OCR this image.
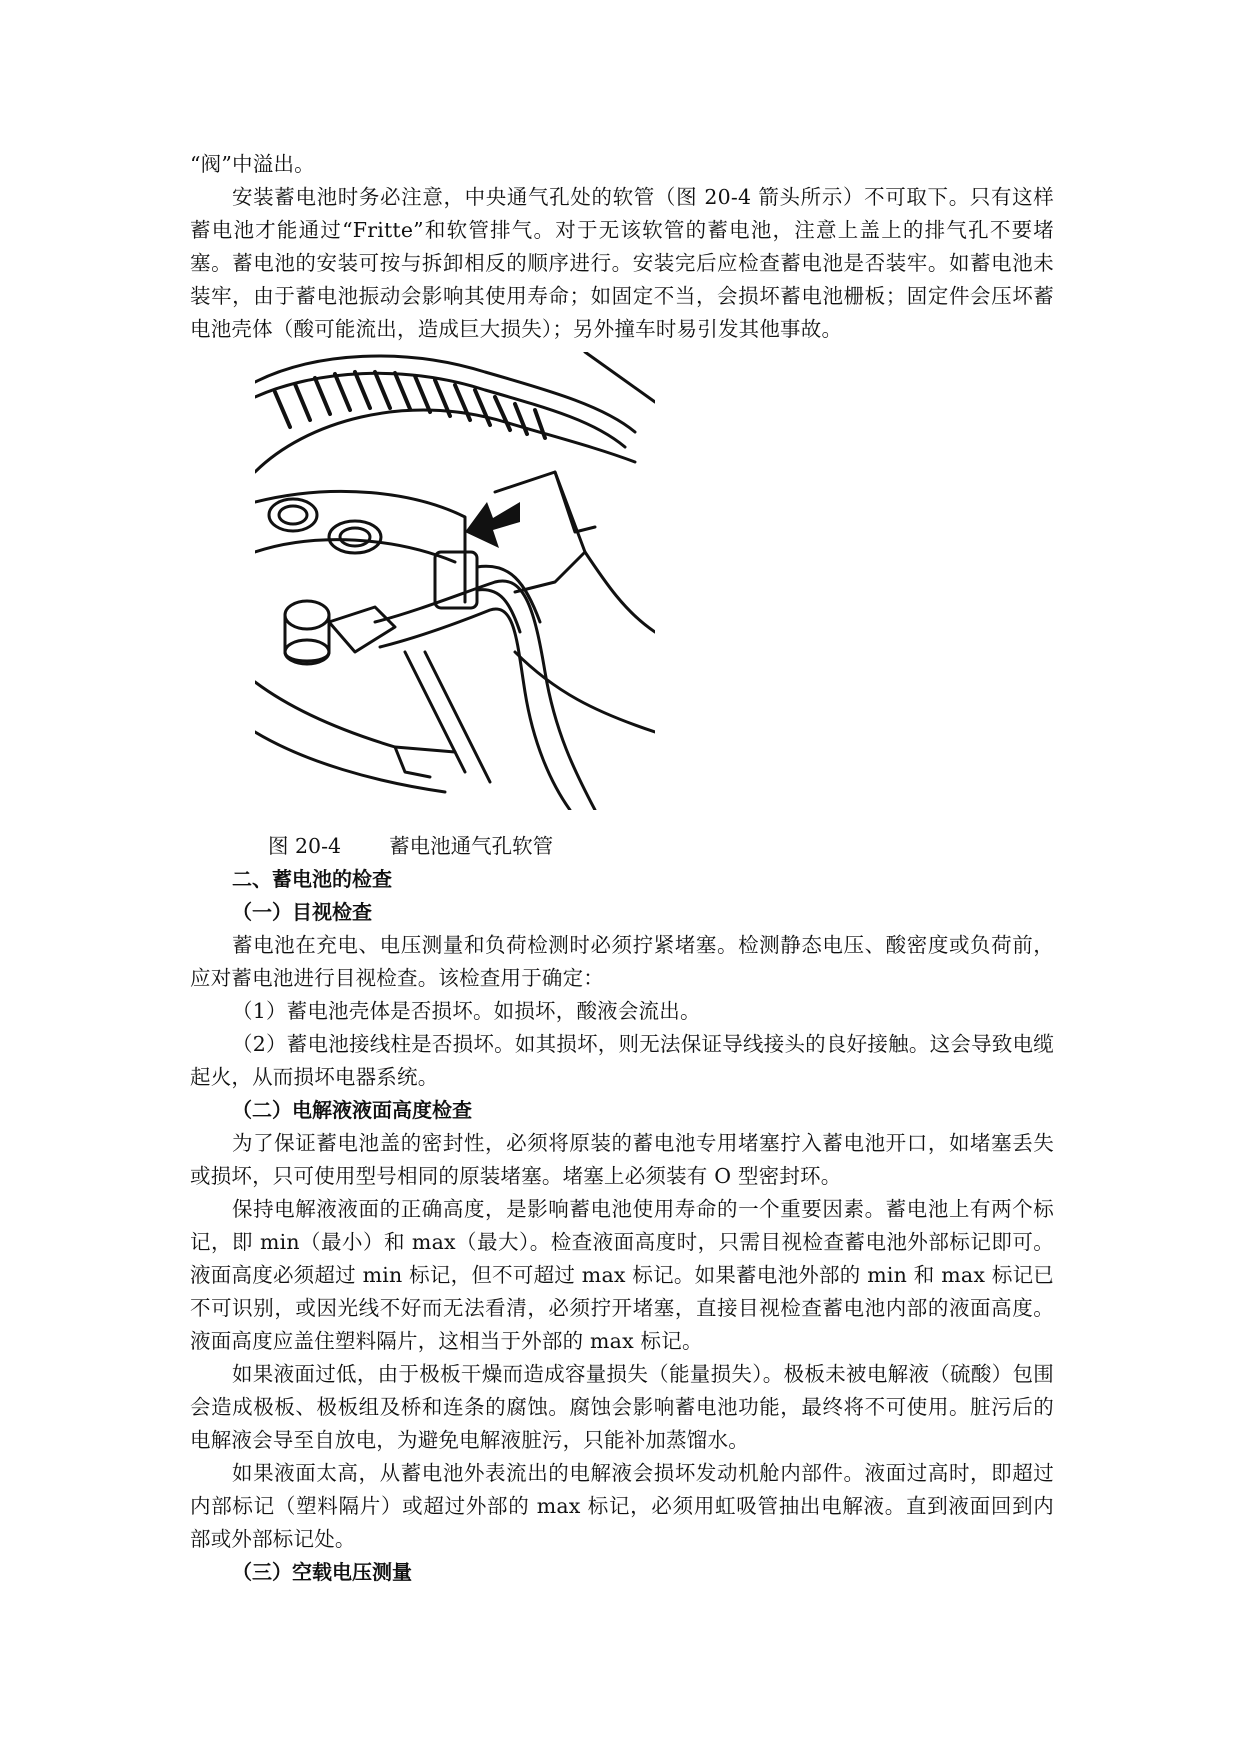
“阀”中溢出。

安装蓄电池时务必注意，中央通气孔处的软管（图 20-4 箭头所示）不可取下。只有这样蓄电池才能通过“Fritte”和软管排气。对于无该软管的蓄电池，注意上盖上的排气孔不要堵塞。蓄电池的安装可按与拆卸相反的顺序进行。安装完后应检查蓄电池是否装牢。如蓄电池未装牢，由于蓄电池振动会影响其使用寿命；如固定不当，会损坏蓄电池栅板；固定件会压坏蓄电池壳体（酸可能流出，造成巨大损失）；另外撞车时易引发其他事故。

图 20-4 蓄电池通气孔软管
二、蓄电池的检查
（一）目视检查

蓄电池在充电、电压测量和负荷检测时必须拧紧堵塞。检测静态电压、酸密度或负荷前，应对蓄电池进行目视检查。该检查用于确定：

（1）蓄电池壳体是否损坏。如损坏，酸液会流出。

（2）蓄电池接线柱是否损坏。如其损坏，则无法保证导线接头的良好接触。这会导致电缆起火，从而损坏电器系统。

（二）电解液液面高度检查

为了保证蓄电池盖的密封性，必须将原装的蓄电池专用堵塞拧入蓄电池开口，如堵塞丢失或损坏，只可使用型号相同的原装堵塞。堵塞上必须装有 O 型密封环。

保持电解液液面的正确高度，是影响蓄电池使用寿命的一个重要因素。蓄电池上有两个标记，即 min（最小）和 max（最大）。检查液面高度时，只需目视检查蓄电池外部标记即可。液面高度必须超过 min 标记，但不可超过 max 标记。如果蓄电池外部的 min 和 max 标记已不可识别，或因光线不好而无法看清，必须拧开堵塞，直接目视检查蓄电池内部的液面高度。液面高度应盖住塑料隔片，这相当于外部的 max 标记。

如果液面过低，由于极板干燥而造成容量损失（能量损失）。极板未被电解液（硫酸）包围会造成极板、极板组及桥和连条的腐蚀。腐蚀会影响蓄电池功能，最终将不可使用。脏污后的电解液会导至自放电，为避免电解液脏污，只能补加蒸馏水。

如果液面太高，从蓄电池外表流出的电解液会损坏发动机舱内部件。液面过高时，即超过内部标记（塑料隔片）或超过外部的 max 标记，必须用虹吸管抽出电解液。直到液面回到内部或外部标记处。

（三）空载电压测量
